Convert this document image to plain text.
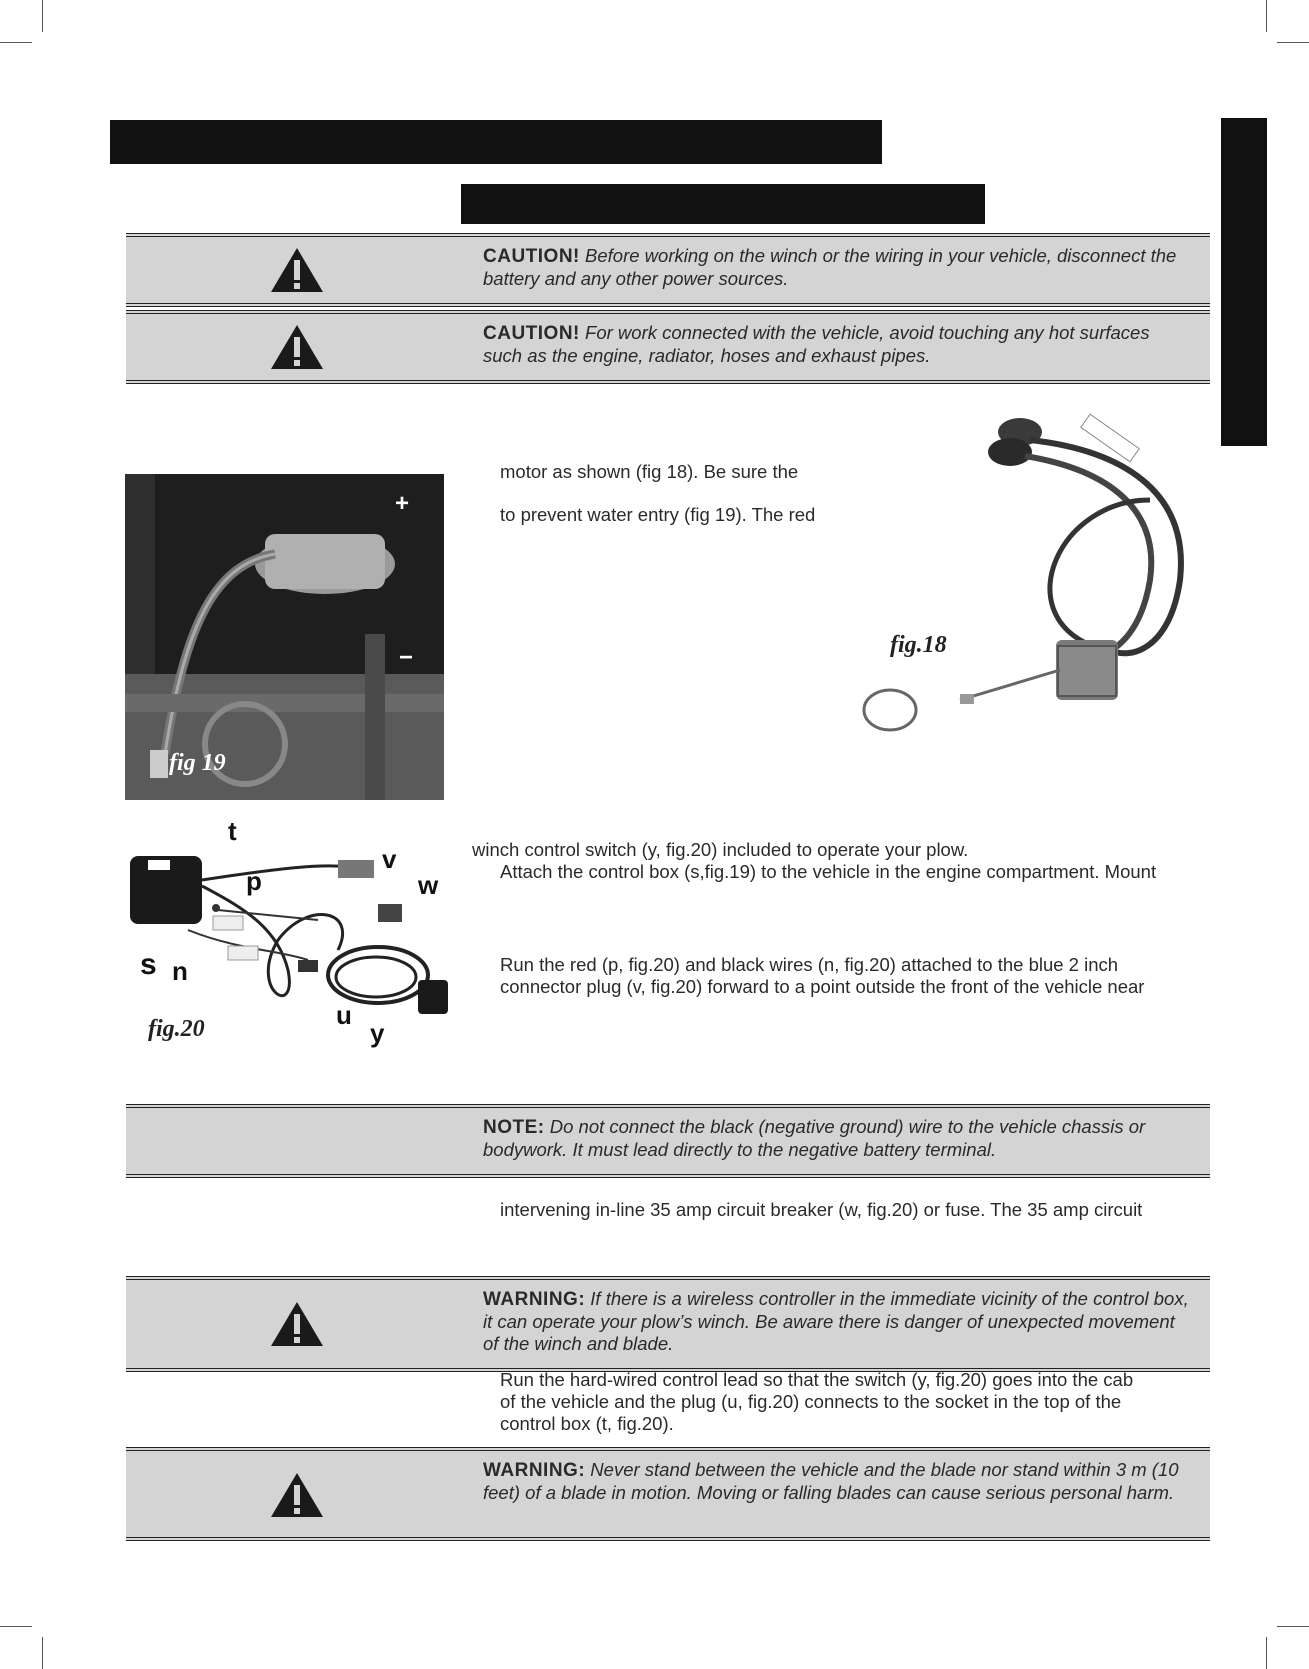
CAUTION! Before working on the winch or the wiring in your vehicle, disconnect the battery and any other power sources.
CAUTION! For work connected with the vehicle, avoid touching any hot surfaces such as the engine, radiator, hoses and exhaust pipes.
+
−
fig 19
motor as shown (fig 18). Be sure the
to prevent water entry (fig 19). The red
fig.18
t
p
v
w
s n
u
y
fig.20
winch control switch (y, fig.20) included to operate your plow.
Attach the control box (s,fig.19) to the vehicle in the engine compartment. Mount
Run the red (p, fig.20) and black wires (n, fig.20) attached to the blue 2 inch
connector plug (v, fig.20) forward to a point outside the front of the vehicle near
NOTE: Do not connect the black (negative ground) wire to the vehicle chassis or bodywork. It must lead directly to the negative battery terminal.
intervening in-line 35 amp circuit breaker (w, fig.20) or fuse. The 35 amp circuit
WARNING: If there is a wireless controller in the immediate vicinity of the control box, it can operate your plow’s winch. Be aware there is danger of unexpected movement of the winch and blade.
Run the hard-wired control lead so that the switch (y, fig.20) goes into the cab
of the vehicle and the plug (u, fig.20) connects to the socket in the top of the
control box (t, fig.20).
WARNING: Never stand between the vehicle and the blade nor stand within 3 m (10 feet) of a blade in motion. Moving or falling blades can cause serious personal harm.
